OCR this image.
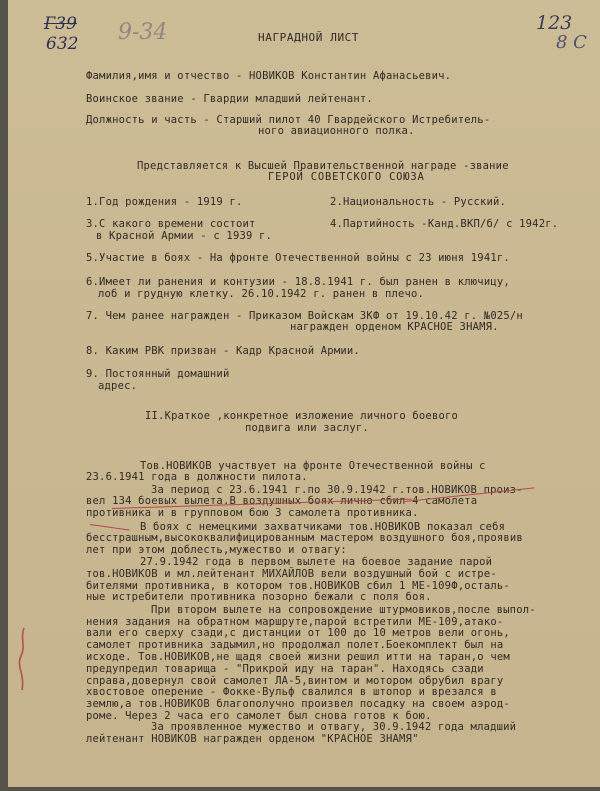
Г39
632 9-34	123
8 С
НАГРАДНОЙ ЛИСТ
Фамилия,имя и отчество - НОВИКОВ Константин Афанасьевич.
Воинское звание - Гвардии младший лейтенант.
Должность и часть - Старший пилот 40 Гвардейского Истребитель-
ного авиационного полка.
Представляется к Высшей Правительственной награде -звание
ГЕРОЙ СОВЕТСКОГО СОЮЗА
1.Год рождения - 1919 г.	2.Национальность - Русский.
3.С какого времени состоит
в Красной Армии - с 1939 г.
4.Партийность -Канд.ВКП/б/ с 1942г.
5.Участие в боях - На фронте Отечественной войны с 23 июня 1941г.
6.Имеет ли ранения и контузии - 18.8.1941 г. был ранен в ключицу,
лоб и грудную клетку. 26.10.1942 г. ранен в плечо.
7. Чем ранее награжден - Приказом Войскам ЗКФ от 19.10.42 г. №025/н
награжден орденом КРАСНОЕ ЗНАМЯ.
8. Каким РВК призван - Кадр Красной Армии.
9. Постоянный домашний
адрес.
II.Краткое ,конкретное изложение личного боевого
подвига или заслуг.
Тов.НОВИКОВ участвует на фронте Отечественной войны с
23.6.1941 года в должности пилота.
За период с 23.6.1941 г.по 30.9.1942 г.тов.НОВИКОВ произ-
вел 134 боевых вылета.В воздушных боях лично сбил 4 самолета
противника и в групповом бою 3 самолета противника.
В боях с немецкими захватчиками тов.НОВИКОВ показал себя
бесстрашным,высококвалифицированным мастером воздушного боя,проявив
лет при этом доблесть,мужество и отвагу:
27.9.1942 года в первом вылете на боевое задание парой
тов.НОВИКОВ и мл.лейтенант МИХАЙЛОВ вели воздушный бой с истре-
бителями противника, в котором тов.НОВИКОВ сбил 1 МЕ-109Ф,осталь-
ные истребители противника позорно бежали с поля боя.
При втором вылете на сопровождение штурмовиков,после выпол-
нения задания на обратном маршруте,парой встретили МЕ-109,атако-
вали его сверху сзади,с дистанции от 100 до 10 метров вели огонь,
самолет противника задымил,но продолжал полет.Боекомплект был на
исходе. Тов.НОВИКОВ,не щадя своей жизни решил итти на таран,о чем
предупредил товарища - "Прикрой иду на таран". Находясь сзади
справа,довернул свой самолет ЛА-5,винтом и мотором обрубил врагу
хвостовое оперение - Фокке-Вульф свалился в штопор и врезался в
землю,а тов.НОВИКОВ благополучно произвел посадку на своем аэрод-
роме. Через 2 часа его самолет был снова готов к бою.
За проявленное мужество и отвагу, 30.9.1942 года младший
лейтенант НОВИКОВ награжден орденом "КРАСНОЕ ЗНАМЯ"
